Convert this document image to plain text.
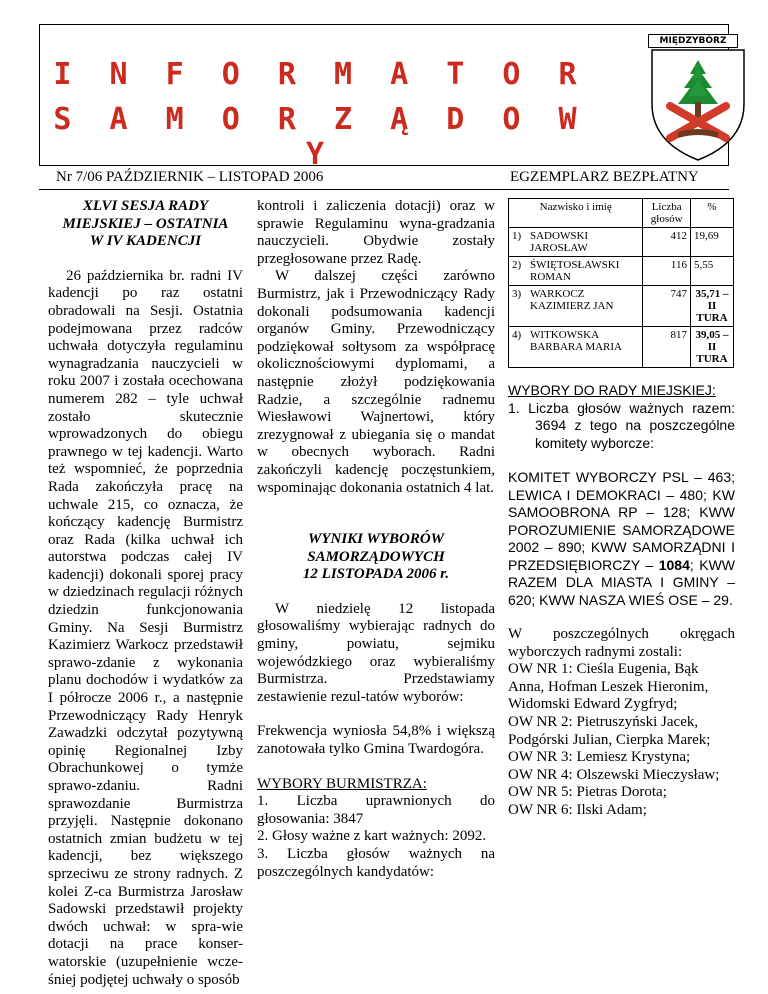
I N F O R M A T O R
S A M O R Z Ą D O W Y
MIĘDZYBÓRZ
Nr 7/06 PAŹDZIERNIK – LISTOPAD 2006	EGZEMPLARZ BEZPŁATNY

XLVI SESJA RADY

MIEJSKIEJ – OSTATNIA

W IV KADENCJI

26 października br. radni IV kadencji po raz ostatni obradowali na Sesji. Ostatnia podejmowana przez radców uchwała dotyczyła regulaminu wynagradzania nauczycieli w roku 2007 i została ocechowana numerem 282 – tyle uchwał zostało skutecznie wprowadzonych do obiegu prawnego w tej kadencji. Warto też wspomnieć, że poprzednia Rada zakończyła pracę na uchwale 215, co oznacza, że kończący kadencję Burmistrz oraz Rada (kilka uchwał ich autorstwa podczas całej IV kadencji) dokonali sporej pracy w dziedzinach regulacji różnych dziedzin funkcjonowania Gminy. Na Sesji Burmistrz Kazimierz Warkocz przedstawił sprawo-zdanie z wykonania planu dochodów i wydatków za I półrocze 2006 r., a następnie Przewodniczący Rady Henryk Zawadzki odczytał pozytywną opinię Regionalnej Izby Obrachunkowej o tymże sprawo-zdaniu. Radni sprawozdanie Burmistrza przyjęli. Następnie dokonano ostatnich zmian budżetu w tej kadencji, bez większego sprzeciwu ze strony radnych. Z kolei Z-ca Burmistrza Jarosław Sadowski przedstawił projekty dwóch uchwał: w spra-wie dotacji na prace konser-watorskie (uzupełnienie wcze-śniej podjętej uchwały o sposób

kontroli i zaliczenia dotacji) oraz w sprawie Regulaminu wyna-gradzania nauczycieli. Obydwie zostały przegłosowane przez Radę.

W dalszej części zarówno Burmistrz, jak i Przewodniczący Rady dokonali podsumowania kadencji organów Gminy. Przewodniczący podziękował sołtysom za współpracę okolicznościowymi dyplomami, a następnie złożył podziękowania Radzie, a szczególnie radnemu Wiesławowi Wajnertowi, który zrezygnował z ubiegania się o mandat w obecnych wyborach. Radni zakończyli kadencję poczęstunkiem, wspominając dokonania ostatnich 4 lat.

WYNIKI WYBORÓW

SAMORZĄDOWYCH

12 LISTOPADA 2006 r.

W niedzielę 12 listopada głosowaliśmy wybierając radnych do gminy, powiatu, sejmiku wojewódzkiego oraz wybieraliśmy Burmistrza. Przedstawiamy zestawienie rezul-tatów wyborów:

Frekwencja wyniosła 54,8% i większą zanotowała tylko Gmina Twardogóra.

WYBORY BURMISTRZA:

1. Liczba uprawnionych do głosowania: 3847

2. Głosy ważne z kart ważnych: 2092.

3. Liczba głosów ważnych na poszczególnych kandydatów:

Nazwisko i imię		Liczba głosów	%
1)	SADOWSKI JAROSŁAW	412	19,69
2)	ŚWIĘTOSŁAWSKI ROMAN	116	5,55
3)	WARKOCZ KAZIMIERZ JAN	747	35,71 – II TURA
4)	WITKOWSKA BARBARA MARIA	817	39,05 – II TURA

WYBORY DO RADY MIEJSKIEJ:

1. Liczba głosów ważnych razem: 3694 z tego na poszczególne komitety wyborcze:

KOMITET WYBORCZY PSL – 463; LEWICA I DEMOKRACI – 480; KW SAMOOBRONA RP – 128; KWW POROZUMIENIE SAMORZĄDOWE 2002 – 890; KWW SAMORZĄDNI I PRZEDSIĘBIORCZY – 1084; KWW RAZEM DLA MIASTA I GMINY – 620; KWW NASZA WIEŚ OSE – 29.

W poszczególnych okręgach wyborczych radnymi zostali:

OW NR 1: Cieśla Eugenia, Bąk Anna, Hofman Leszek Hieronim, Widomski Edward Zygfryd;

OW NR 2: Pietruszyński Jacek, Podgórski Julian, Cierpka Marek;

OW NR 3: Lemiesz Krystyna;

OW NR 4: Olszewski Mieczysław;

OW NR 5: Pietras Dorota;

OW NR 6: Ilski Adam;
